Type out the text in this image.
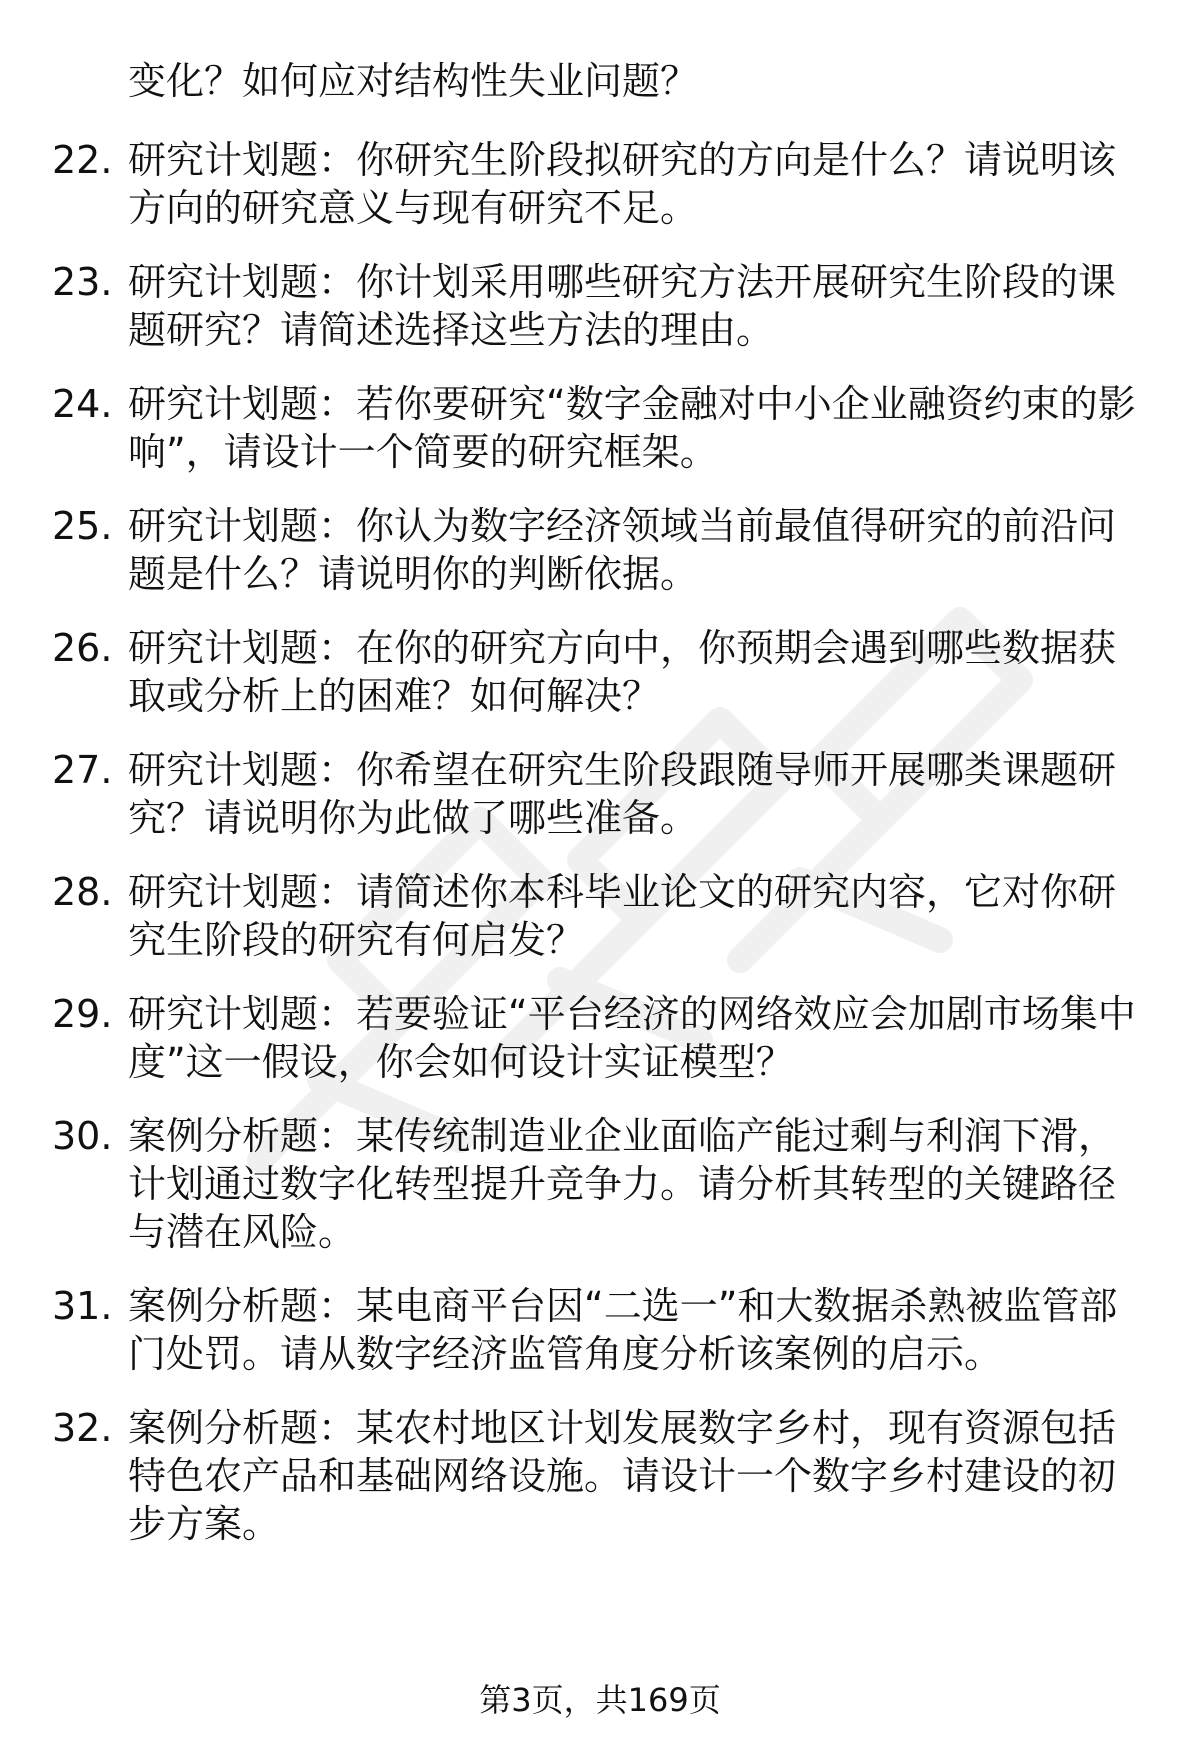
变化？如何应对结构性失业问题？
22. 研究计划题：你研究生阶段拟研究的方向是什么？请说明该方向的研究意义与现有研究不足。
23. 研究计划题：你计划采用哪些研究方法开展研究生阶段的课题研究？请简述选择这些方法的理由。
24. 研究计划题：若你要研究“数字金融对中小企业融资约束的影响”，请设计一个简要的研究框架。
25. 研究计划题：你认为数字经济领域当前最值得研究的前沿问题是什么？请说明你的判断依据。
26. 研究计划题：在你的研究方向中，你预期会遇到哪些数据获取或分析上的困难？如何解决？
27. 研究计划题：你希望在研究生阶段跟随导师开展哪类课题研究？请说明你为此做了哪些准备。
28. 研究计划题：请简述你本科毕业论文的研究内容，它对你研究生阶段的研究有何启发？
29. 研究计划题：若要验证“平台经济的网络效应会加剧市场集中度”这一假设，你会如何设计实证模型？
30. 案例分析题：某传统制造业企业面临产能过剩与利润下滑，计划通过数字化转型提升竞争力。请分析其转型的关键路径与潜在风险。
31. 案例分析题：某电商平台因“二选一”和大数据杀熟被监管部门处罚。请从数字经济监管角度分析该案例的启示。
32. 案例分析题：某农村地区计划发展数字乡村，现有资源包括特色农产品和基础网络设施。请设计一个数字乡村建设的初步方案。
第3页，共169页
